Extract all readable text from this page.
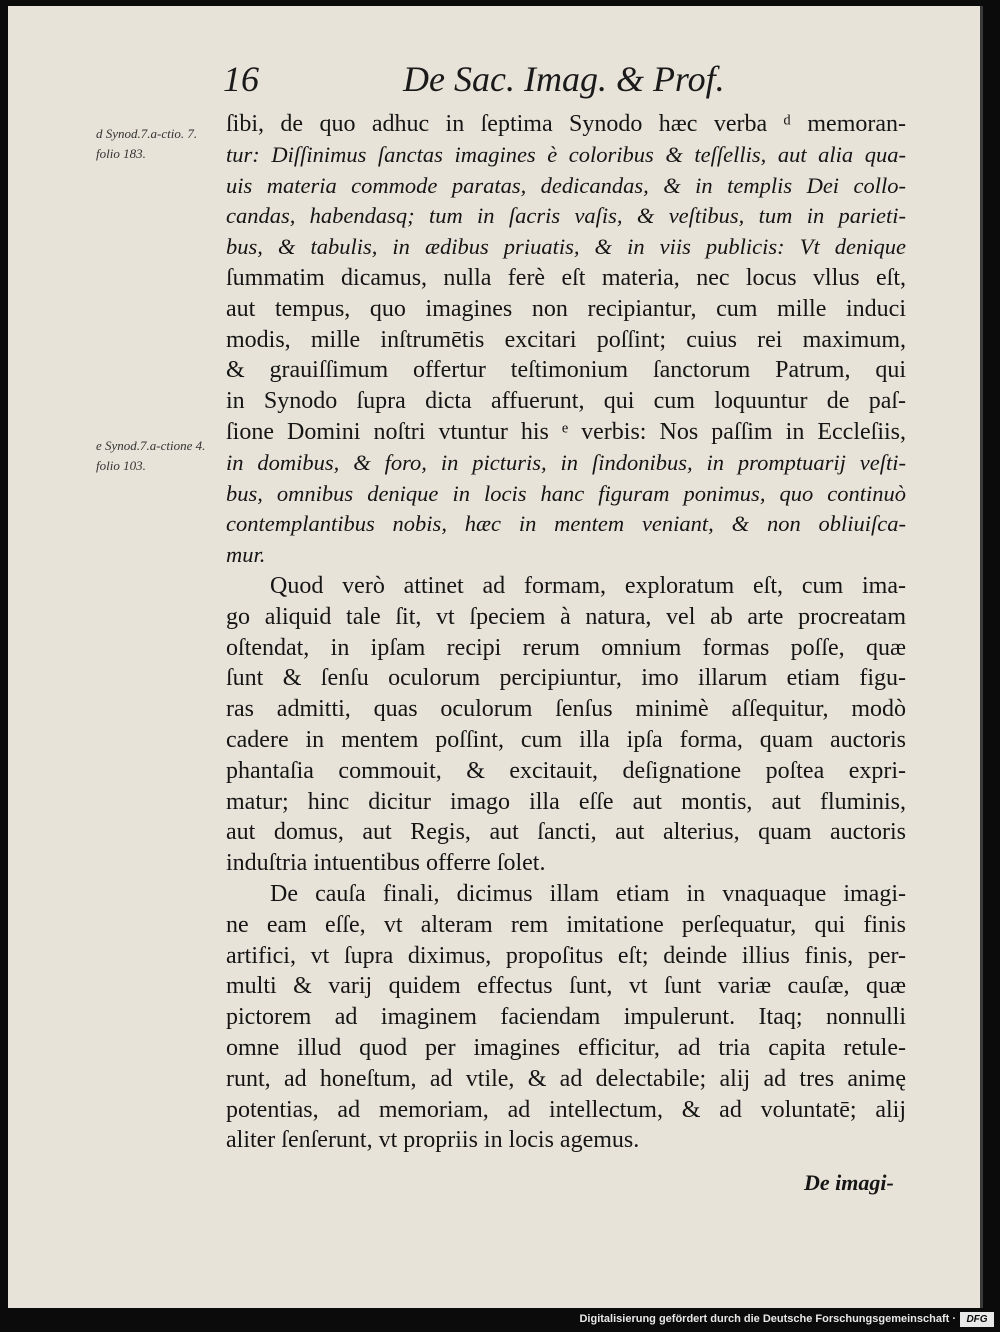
16	De Sac. Imag. & Prof.
d Synod.7.a-ctio. 7. folio 183.
e Synod.7.a-ctione 4. folio 103.
ſibi, de quo adhuc in ſeptima Synodo hæc verba ᵈ memoran-
tur: Diſſinimus ſanctas imagines è coloribus & teſſellis, aut alia qua-
uis materia commode paratas, dedicandas, & in templis Dei collo-
candas, habendasq; tum in ſacris vaſis, & veſtibus, tum in parieti-
bus, & tabulis, in ædibus priuatis, & in viis publicis: Vt denique
ſummatim dicamus, nulla ferè eſt materia, nec locus vllus eſt,
aut tempus, quo imagines non recipiantur, cum mille induci
modis, mille inſtrumētis excitari poſſint; cuius rei maximum,
& grauiſſimum offertur teſtimonium ſanctorum Patrum, qui
in Synodo ſupra dicta affuerunt, qui cum loquuntur de paſ-
ſione Domini noſtri vtuntur his ᵉ verbis: Nos paſſim in Eccleſiis,
in domibus, & foro, in picturis, in ſindonibus, in promptuarij veſti-
bus, omnibus denique in locis hanc figuram ponimus, quo continuò
contemplantibus nobis, hæc in mentem veniant, & non obliuiſca-
mur.
Quod verò attinet ad formam, exploratum eſt, cum ima-
go aliquid tale ſit, vt ſpeciem à natura, vel ab arte procreatam
oſtendat, in ipſam recipi rerum omnium formas poſſe, quæ
ſunt & ſenſu oculorum percipiuntur, imo illarum etiam figu-
ras admitti, quas oculorum ſenſus minimè aſſequitur, modò
cadere in mentem poſſint, cum illa ipſa forma, quam auctoris
phantaſia commouit, & excitauit, deſignatione poſtea expri-
matur; hinc dicitur imago illa eſſe aut montis, aut fluminis,
aut domus, aut Regis, aut ſancti, aut alterius, quam auctoris
induſtria intuentibus offerre ſolet.
De cauſa finali, dicimus illam etiam in vnaquaque imagi-
ne eam eſſe, vt alteram rem imitatione perſequatur, qui finis
artifici, vt ſupra diximus, propoſitus eſt; deinde illius finis, per-
multi & varij quidem effectus ſunt, vt ſunt variæ cauſæ, quæ
pictorem ad imaginem faciendam impulerunt. Itaq; nonnulli
omne illud quod per imagines efficitur, ad tria capita retule-
runt, ad honeſtum, ad vtile, & ad delectabile; alij ad tres animę
potentias, ad memoriam, ad intellectum, & ad voluntatē; alij
aliter ſenſerunt, vt propriis in locis agemus.
De imagi-
Digitalisierung gefördert durch die Deutsche Forschungsgemeinschaft ·	DFG
